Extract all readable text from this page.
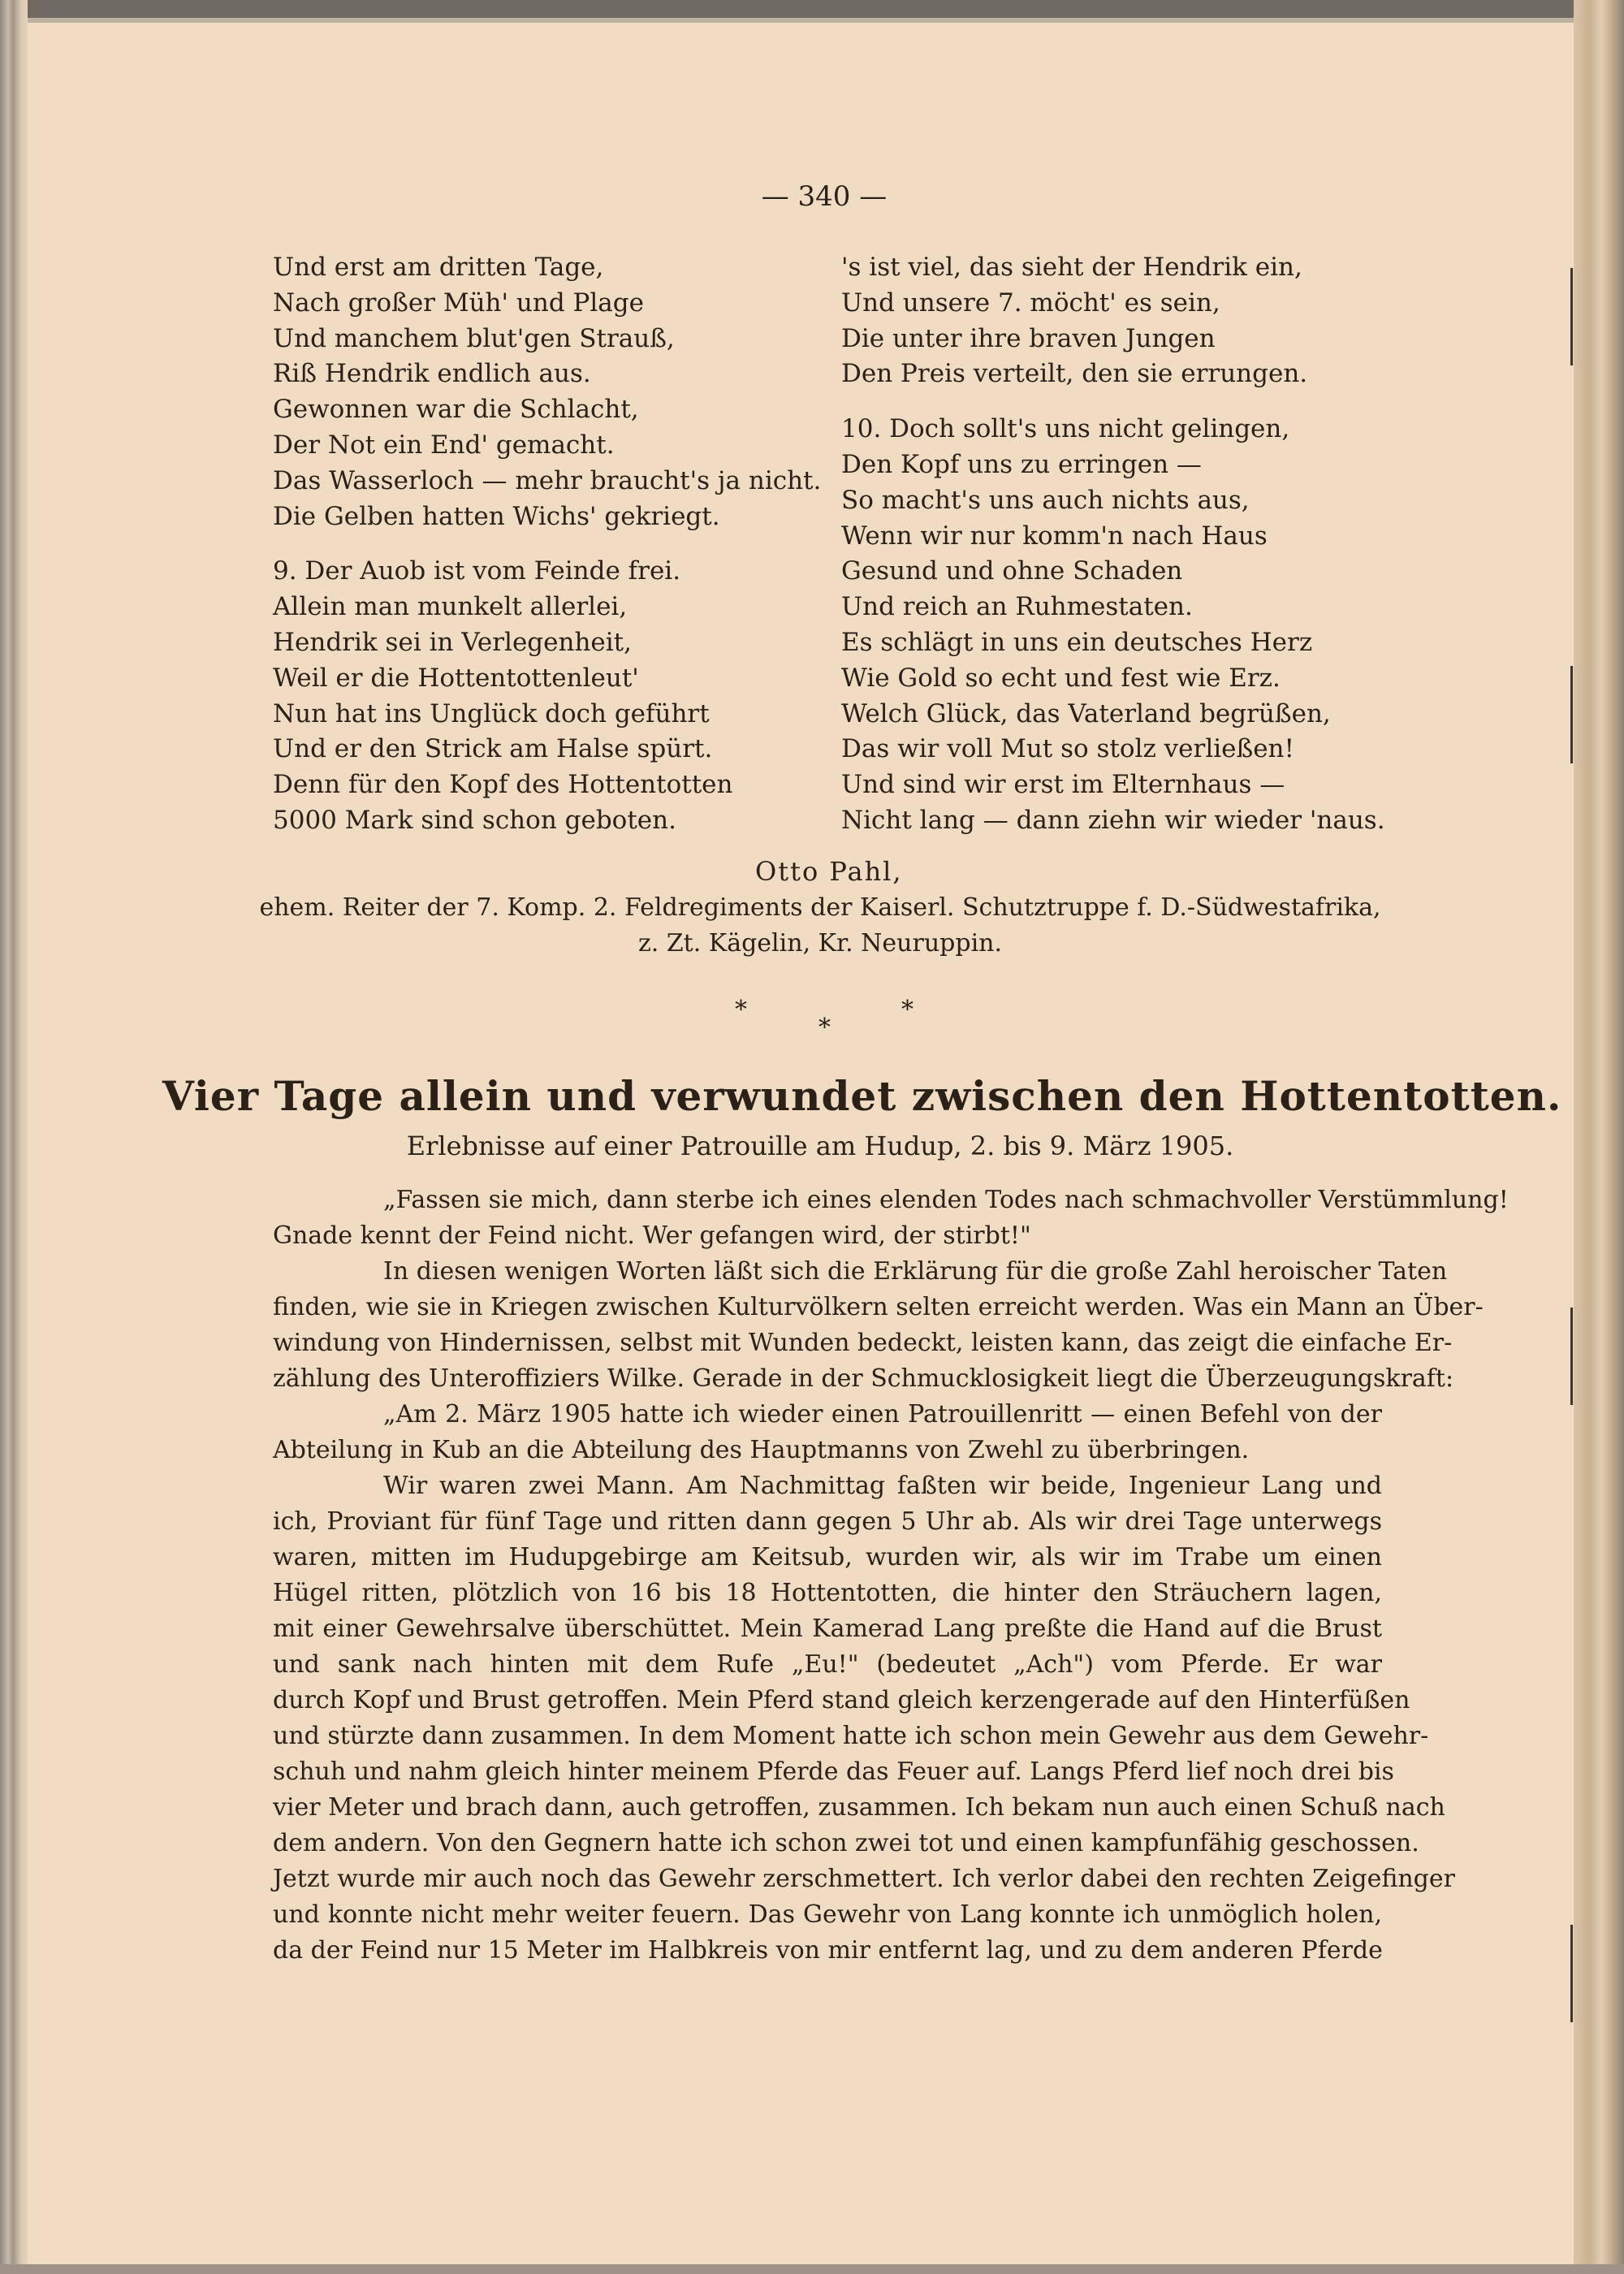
— 340 —
Und erst am dritten Tage,
Nach großer Müh' und Plage
Und manchem blut'gen Strauß,
Riß Hendrik endlich aus.
Gewonnen war die Schlacht,
Der Not ein End' gemacht.
Das Wasserloch — mehr braucht's ja nicht.
Die Gelben hatten Wichs' gekriegt.
9. Der Auob ist vom Feinde frei.
Allein man munkelt allerlei,
Hendrik sei in Verlegenheit,
Weil er die Hottentottenleut'
Nun hat ins Unglück doch geführt
Und er den Strick am Halse spürt.
Denn für den Kopf des Hottentotten
5000 Mark sind schon geboten.
's ist viel, das sieht der Hendrik ein,
Und unsere 7. möcht' es sein,
Die unter ihre braven Jungen
Den Preis verteilt, den sie errungen.
10. Doch sollt's uns nicht gelingen,
Den Kopf uns zu erringen —
So macht's uns auch nichts aus,
Wenn wir nur komm'n nach Haus
Gesund und ohne Schaden
Und reich an Ruhmestaten.
Es schlägt in uns ein deutsches Herz
Wie Gold so echt und fest wie Erz.
Welch Glück, das Vaterland begrüßen,
Das wir voll Mut so stolz verließen!
Und sind wir erst im Elternhaus —
Nicht lang — dann ziehn wir wieder 'naus.
Otto Pahl,
ehem. Reiter der 7. Komp. 2. Feldregiments der Kaiserl. Schutztruppe f. D.-Südwestafrika,
z. Zt. Kägelin, Kr. Neuruppin.
*
*
*
Vier Tage allein und verwundet zwischen den Hottentotten.
Erlebnisse auf einer Patrouille am Hudup, 2. bis 9. März 1905.
„Fassen sie mich, dann sterbe ich eines elenden Todes nach schmachvoller Verstümmlung!
Gnade kennt der Feind nicht. Wer gefangen wird, der stirbt!"
In diesen wenigen Worten läßt sich die Erklärung für die große Zahl heroischer Taten
finden, wie sie in Kriegen zwischen Kulturvölkern selten erreicht werden. Was ein Mann an Über-
windung von Hindernissen, selbst mit Wunden bedeckt, leisten kann, das zeigt die einfache Er-
zählung des Unteroffiziers Wilke. Gerade in der Schmucklosigkeit liegt die Überzeugungskraft:
„Am 2. März 1905 hatte ich wieder einen Patrouillenritt — einen Befehl von der
Abteilung in Kub an die Abteilung des Hauptmanns von Zwehl zu überbringen.
Wir waren zwei Mann. Am Nachmittag faßten wir beide, Ingenieur Lang und
ich, Proviant für fünf Tage und ritten dann gegen 5 Uhr ab. Als wir drei Tage unterwegs
waren, mitten im Hudupgebirge am Keitsub, wurden wir, als wir im Trabe um einen
Hügel ritten, plötzlich von 16 bis 18 Hottentotten, die hinter den Sträuchern lagen,
mit einer Gewehrsalve überschüttet. Mein Kamerad Lang preßte die Hand auf die Brust
und sank nach hinten mit dem Rufe „Eu!" (bedeutet „Ach") vom Pferde. Er war
durch Kopf und Brust getroffen. Mein Pferd stand gleich kerzengerade auf den Hinterfüßen
und stürzte dann zusammen. In dem Moment hatte ich schon mein Gewehr aus dem Gewehr-
schuh und nahm gleich hinter meinem Pferde das Feuer auf. Langs Pferd lief noch drei bis
vier Meter und brach dann, auch getroffen, zusammen. Ich bekam nun auch einen Schuß nach
dem andern. Von den Gegnern hatte ich schon zwei tot und einen kampfunfähig geschossen.
Jetzt wurde mir auch noch das Gewehr zerschmettert. Ich verlor dabei den rechten Zeigefinger
und konnte nicht mehr weiter feuern. Das Gewehr von Lang konnte ich unmöglich holen,
da der Feind nur 15 Meter im Halbkreis von mir entfernt lag, und zu dem anderen Pferde
